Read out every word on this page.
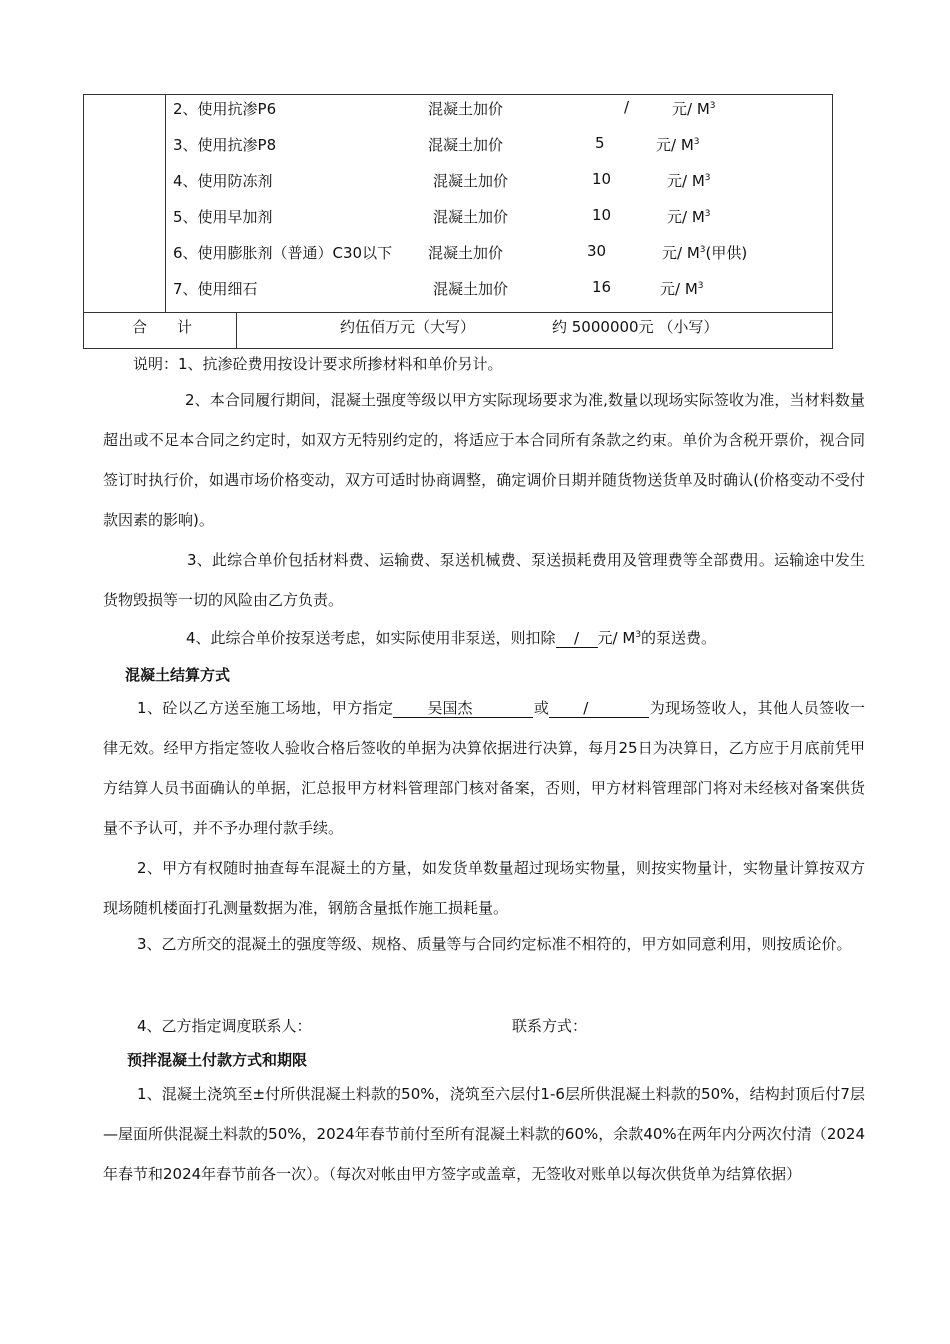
2、使用抗渗P6	混凝土加价	/	元/ $M^3$
3、使用抗渗P8	混凝土加价	5	元/ $M^3$
4、使用防冻剂	混凝土加价	10	元/ $M^3$
5、使用早加剂	混凝土加价	10	元/ $M^3$
6、使用膨胀剂（普通）C30以下 混凝土加价	30	元/ $M^3$(甲供)
7、使用细石	混凝土加价	16	元/ $M^3$
合　　计	约伍佰万元（大写）	约 5000000元 （小写）
说明：1、抗渗砼费用按设计要求所掺材料和单价另计。
2、本合同履行期间，混凝土强度等级以甲方实际现场要求为准,数量以现场实际签收为准，当材料数量超出或不足本合同之约定时，如双方无特别约定的，将适应于本合同所有条款之约束。单价为含税开票价，视合同签订时执行价，如遇市场价格变动，双方可适时协商调整，确定调价日期并随货物送货单及时确认(价格变动不受付款因素的影响)。
3、此综合单价包括材料费、运输费、泵送机械费、泵送损耗费用及管理费等全部费用。运输途中发生货物毁损等一切的风险由乙方负责。
4、此综合单价按泵送考虑，如实际使用非泵送，则扣除 / 元/ $M^3$的泵送费。
混凝土结算方式
1、砼以乙方送至施工场地，甲方指定 吴国杰	或 /	为现场签收人，其他人员签收一律无效。经甲方指定签收人验收合格后签收的单据为决算依据进行决算，每月25日为决算日，乙方应于月底前凭甲方结算人员书面确认的单据，汇总报甲方材料管理部门核对备案，否则，甲方材料管理部门将对未经核对备案供货量不予认可，并不予办理付款手续。
2、甲方有权随时抽查每车混凝土的方量，如发货单数量超过现场实物量，则按实物量计，实物量计算按双方现场随机楼面打孔测量数据为准，钢筋含量抵作施工损耗量。
3、乙方所交的混凝土的强度等级、规格、质量等与合同约定标准不相符的，甲方如同意利用，则按质论价。
4、乙方指定调度联系人：	联系方式：
预拌混凝土付款方式和期限
1、混凝土浇筑至±付所供混凝土料款的50%，浇筑至六层付1-6层所供混凝土料款的50%，结构封顶后付7层—屋面所供混凝土料款的50%，2024年春节前付至所有混凝土料款的60%，余款40%在两年内分两次付清（2024年春节和2024年春节前各一次）。（每次对帐由甲方签字或盖章，无签收对账单以每次供货单为结算依据）
